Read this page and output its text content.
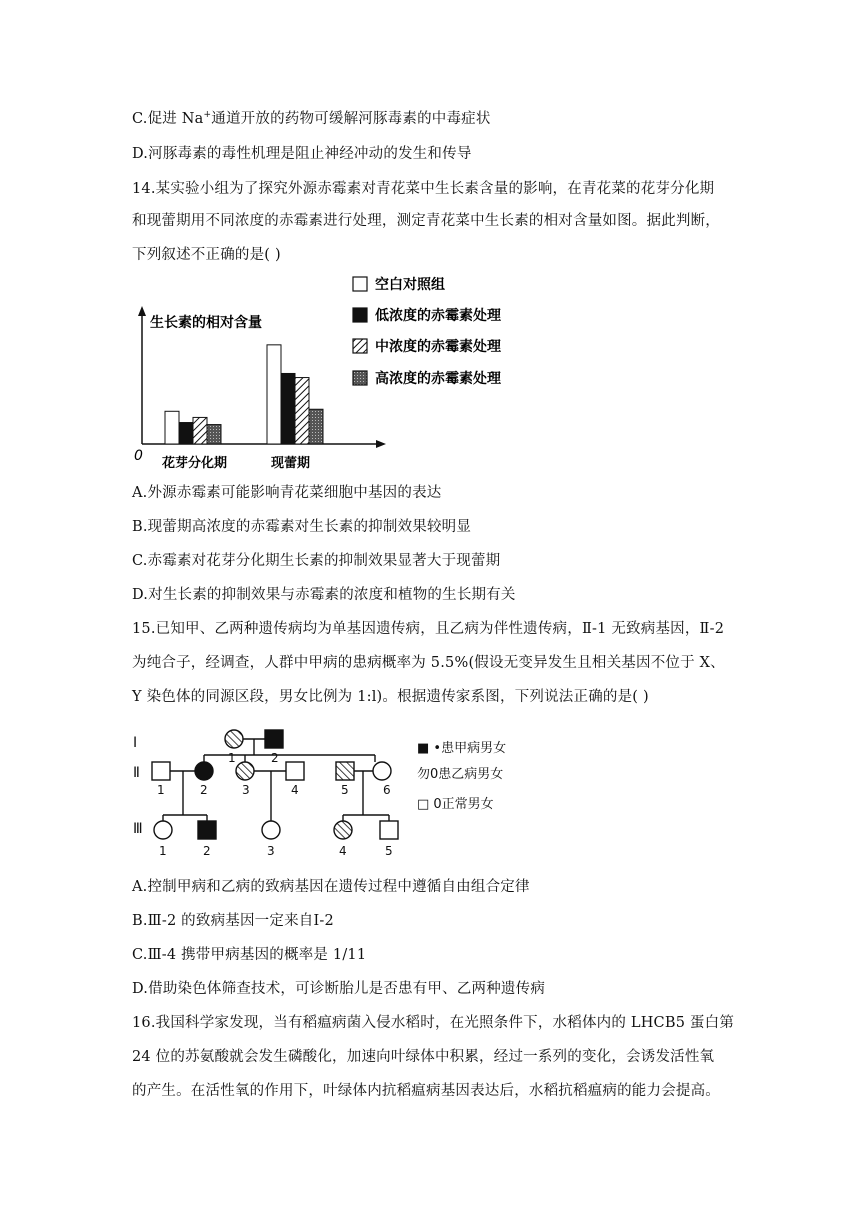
C.促进 Na+通道开放的药物可缓解河豚毒素的中毒症状
D.河豚毒素的毒性机理是阻止神经冲动的发生和传导
14.某实验小组为了探究外源赤霉素对青花菜中生长素含量的影响，在青花菜的花芽分化期
和现蕾期用不同浓度的赤霉素进行处理，测定青花菜中生长素的相对含量如图。据此判断，
下列叙述不正确的是( )
生长素的相对含量
0 花芽分化期	现蕾期
空白对照组
低浓度的赤霉素处理
中浓度的赤霉素处理
高浓度的赤霉素处理
A.外源赤霉素可能影响青花菜细胞中基因的表达
B.现蕾期高浓度的赤霉素对生长素的抑制效果较明显
C.赤霉素对花芽分化期生长素的抑制效果显著大于现蕾期
D.对生长素的抑制效果与赤霉素的浓度和植物的生长期有关
15.已知甲、乙两种遗传病均为单基因遗传病，且乙病为伴性遗传病，Ⅱ-1 无致病基因，Ⅱ-2
为纯合子，经调查，人群中甲病的患病概率为 5.5%(假设无变异发生且相关基因不位于 X、
Y 染色体的同源区段，男女比例为 1:l)。根据遗传家系图，下列说法正确的是( )
Ⅰ
Ⅱ
Ⅲ
1	2
1	2	3	4	5	6
1	2	3	4	5
■ •患甲病男女
勿0患乙病男女
□ 0正常男女
A.控制甲病和乙病的致病基因在遗传过程中遵循自由组合定律
B.Ⅲ-2 的致病基因一定来自Ⅰ-2
C.Ⅲ-4 携带甲病基因的概率是 1/11
D.借助染色体筛查技术，可诊断胎儿是否患有甲、乙两种遗传病
16.我国科学家发现，当有稻瘟病菌入侵水稻时，在光照条件下，水稻体内的 LHCB5 蛋白第
24 位的苏氨酸就会发生磷酸化，加速向叶绿体中积累，经过一系列的变化，会诱发活性氧
的产生。在活性氧的作用下，叶绿体内抗稻瘟病基因表达后，水稻抗稻瘟病的能力会提高。
